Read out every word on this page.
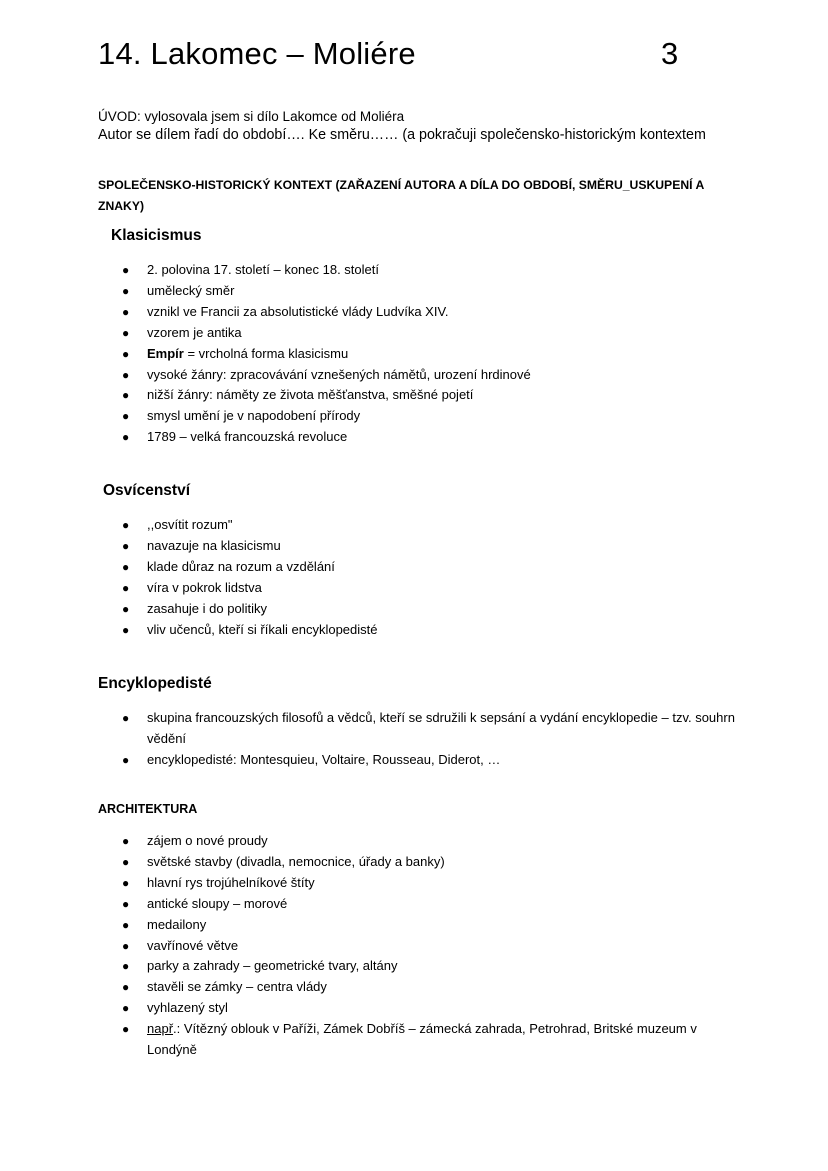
14. Lakomec – Moliére	3
ÚVOD: vylosovala jsem si dílo Lakomce od Moliéra
Autor se dílem řadí do období…. Ke směru…… (a pokračuji společensko-historickým kontextem
SPOLEČENSKO-HISTORICKÝ KONTEXT (ZAŘAZENÍ AUTORA A DÍLA DO OBDOBÍ, SMĚRU_USKUPENÍ A ZNAKY)
Klasicismus
● 2. polovina 17. století – konec 18. století
● umělecký směr
● vznikl ve Francii za absolutistické vlády Ludvíka XIV.
● vzorem je antika
● Empír = vrcholná forma klasicismu
● vysoké žánry: zpracovávání vznešených námětů, urození hrdinové
● nižší žánry: náměty ze života měšťanstva, směšné pojetí
● smysl umění je v napodobení přírody
● 1789 – velká francouzská revoluce
Osvícenství
● ,,osvítit rozum"
● navazuje na klasicismu
● klade důraz na rozum a vzdělání
● víra v pokrok lidstva
● zasahuje i do politiky
● vliv učenců, kteří si říkali encyklopedisté
Encyklopedisté
● skupina francouzských filosofů a vědců, kteří se sdružili k sepsání a vydání encyklopedie – tzv. souhrn vědění
● encyklopedisté: Montesquieu, Voltaire, Rousseau, Diderot, …
ARCHITEKTURA
● zájem o nové proudy
● světské stavby (divadla, nemocnice, úřady a banky)
● hlavní rys trojúhelníkové štíty
● antické sloupy – morové
● medailony
● vavřínové větve
● parky a zahrady – geometrické tvary, altány
● stavěli se zámky – centra vlády
● vyhlazený styl
● např.: Vítězný oblouk v Paříži, Zámek Dobříš – zámecká zahrada, Petrohrad, Britské muzeum v Londýně
